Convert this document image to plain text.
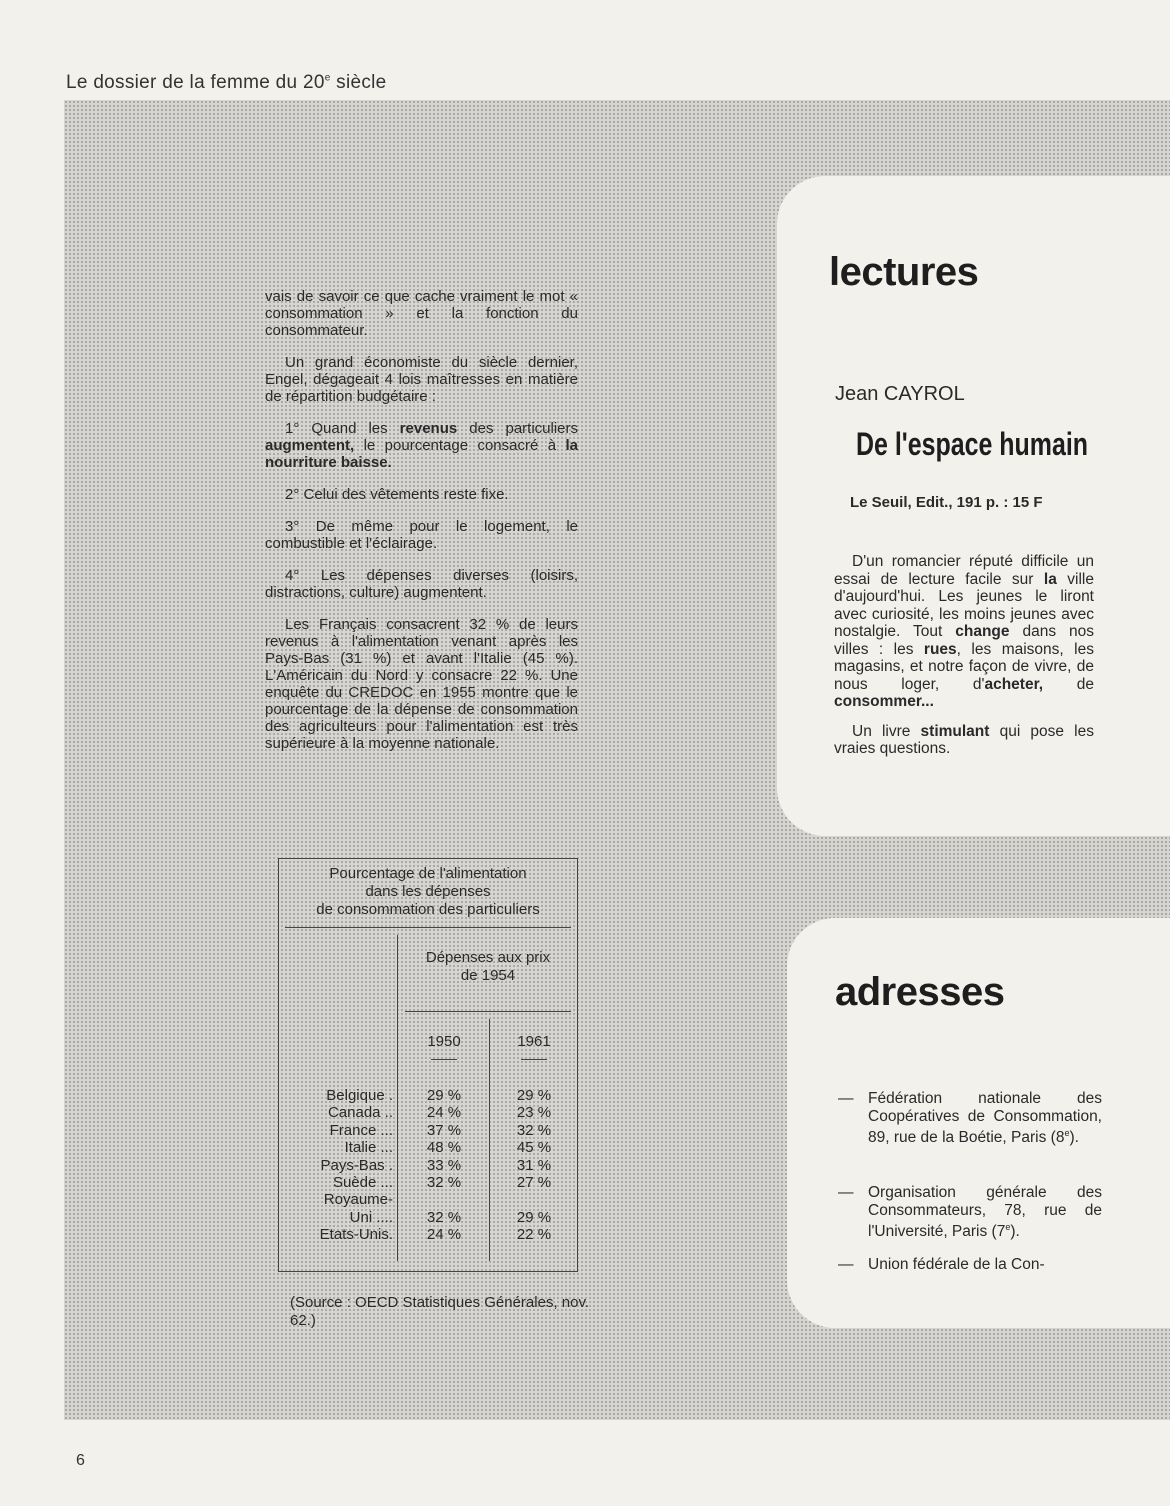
Le dossier de la femme du 20e siècle

vais de savoir ce que cache vraiment le mot « consommation » et la fonction du consommateur.

Un grand économiste du siècle dernier, Engel, dégageait 4 lois maîtresses en matière de répartition budgétaire :

1° Quand les revenus des particuliers augmentent, le pourcentage consacré à la nourriture baisse.

2° Celui des vêtements reste fixe.

3° De même pour le logement, le combustible et l'éclairage.

4° Les dépenses diverses (loisirs, distractions, culture) augmentent.

Les Français consacrent 32 % de leurs revenus à l'alimentation venant après les Pays-Bas (31 %) et avant l'Italie (45 %). L'Américain du Nord y consacre 22 %. Une enquête du CREDOC en 1955 montre que le pourcentage de la dépense de consommation des agriculteurs pour l'alimentation est très supérieure à la moyenne nationale.

Pourcentage de l'alimentation
dans les dépenses
de consommation des particuliers
Dépenses aux prix
de 1954
1950	1961
Belgique .
Canada ..
France ...
Italie ...
Pays-Bas .
Suède ...
Royaume-
Uni ....
Etats-Unis.
29 %
24 %
37 %
48 %
33 %
32 %

32 %
24 %
29 %
23 %
32 %
45 %
31 %
27 %

29 %
22 %
(Source : OECD Statistiques Générales, nov. 62.)
lectures
Jean CAYROL
De l'espace humain
Le Seuil, Edit., 191 p. : 15 F

D'un romancier réputé difficile un essai de lecture facile sur la ville d'aujourd'hui. Les jeunes le liront avec curiosité, les moins jeunes avec nostalgie. Tout change dans nos villes : les rues, les maisons, les magasins, et notre façon de vivre, de nous loger, d'acheter, de consommer...

Un livre stimulant qui pose les vraies questions.

adresses
— Fédération nationale des Coopératives de Consommation, 89, rue de la Boétie, Paris (8e).
— Organisation générale des Consommateurs, 78, rue de l'Université, Paris (7e).
— Union fédérale de la Con-
6
